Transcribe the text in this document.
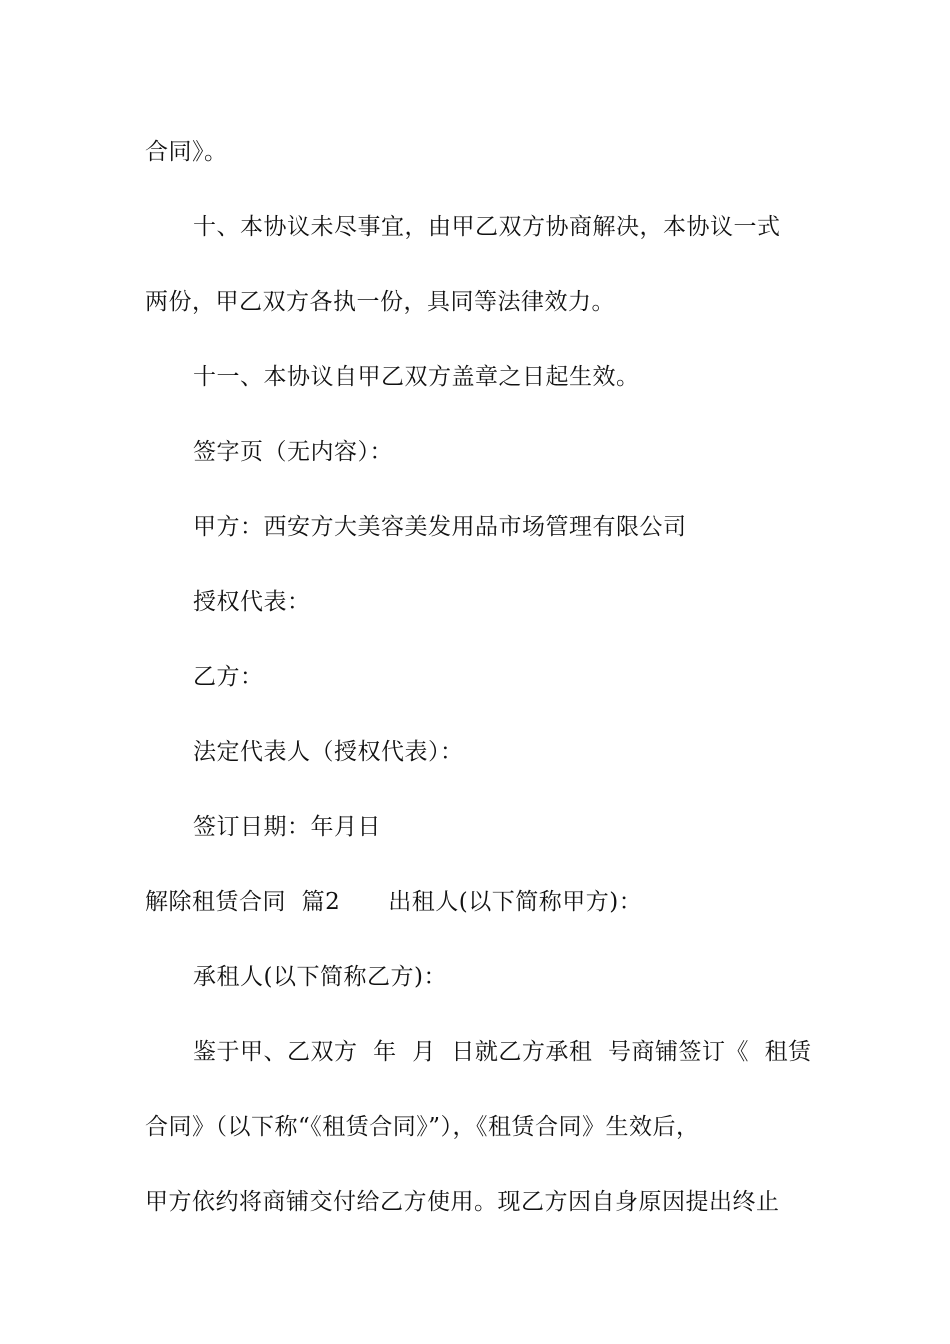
合同》。
十、本协议未尽事宜，由甲乙双方协商解决，本协议一式
两份，甲乙双方各执一份，具同等法律效力。
十一、本协议自甲乙双方盖章之日起生效。
签字页（无内容）：
甲方：西安方大美容美发用品市场管理有限公司
授权代表：
乙方：
法定代表人（授权代表）：
签订日期：年月日
解除租赁合同  篇2 出租人(以下简称甲方)：
承租人(以下简称乙方)：
鉴于甲、乙双方  年  月  日就乙方承租  号商铺签订《  租赁
合同》（以下称“《租赁合同》”），《租赁合同》生效后，
甲方依约将商铺交付给乙方使用。现乙方因自身原因提出终止
